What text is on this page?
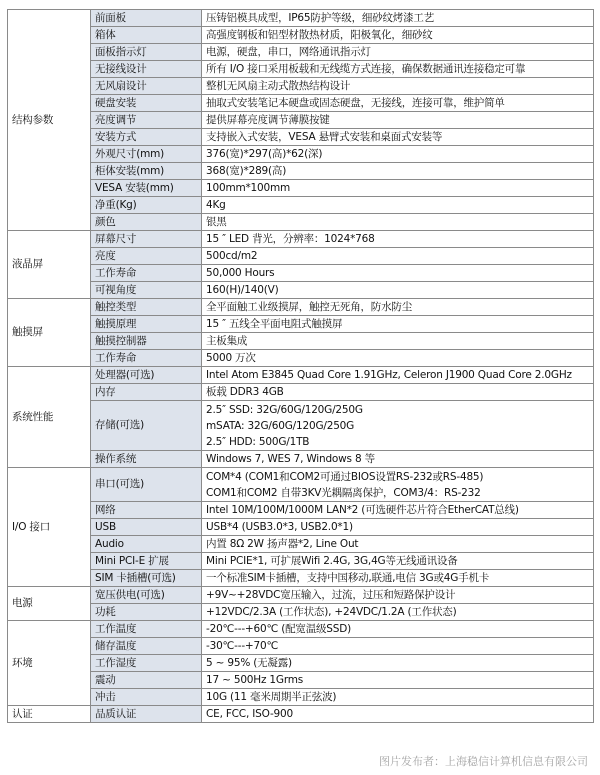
结构参数	前面板	压铸铝模具成型，IP65防护等级，细砂纹烤漆工艺

	箱体	高强度钢板和铝型材散热材质，阳极氧化，细砂纹

	面板指示灯	电源，硬盘，串口，网络通讯指示灯

	无接线设计	所有 I/O 接口采用板载和无线缆方式连接，确保数据通讯连接稳定可靠

	无风扇设计	整机无风扇主动式散热结构设计

	硬盘安装	抽取式安装笔记本硬盘或固态硬盘，无接线，连接可靠，维护简单

	亮度调节	提供屏幕亮度调节薄膜按键

	安装方式	支持嵌入式安装，VESA 悬臂式安装和桌面式安装等

	外观尺寸(mm)	376(宽)*297(高)*62(深)

	柜体安装(mm)	368(宽)*289(高)

	VESA 安装(mm)	100mm*100mm

	净重(Kg)	4Kg

	颜色	银黑

液晶屏	屏幕尺寸	15 ″ LED 背光，分辨率：1024*768

	亮度	500cd/m2

	工作寿命	50,000 Hours

	可视角度	160(H)/140(V)

触摸屏	触控类型	全平面触工业级摸屏，触控无死角，防水防尘

	触摸原理	15 ″ 五线全平面电阻式触摸屏

	触摸控制器	主板集成

	工作寿命	5000 万次

系统性能	处理器(可选)	Intel Atom E3845 Quad Core 1.91GHz, Celeron J1900 Quad Core 2.0GHz

	内存	板载 DDR3 4GB

	存储(可选)	2.5″ SSD: 32G/60G/120G/250G
mSATA: 32G/60G/120G/250G
2.5″ HDD: 500G/1TB

	操作系统	Windows 7, WES 7, Windows 8 等

I/O 接口	串口(可选)	COM*4 (COM1和COM2可通过BIOS设置RS-232或RS-485)
COM1和COM2 自带3KV光耦隔离保护，COM3/4：RS-232

	网络	Intel 10M/100M/1000M LAN*2 (可选硬件芯片符合EtherCAT总线)

	USB	USB*4 (USB3.0*3, USB2.0*1)

	Audio	内置 8Ω 2W 扬声器*2, Line Out

	Mini PCI-E 扩展	Mini PCIE*1, 可扩展Wifi 2.4G, 3G,4G等无线通讯设备

	SIM 卡插槽(可选)	一个标准SIM卡插槽，支持中国移动,联通,电信 3G或4G手机卡

电源	宽压供电(可选)	+9V~+28VDC宽压输入，过流，过压和短路保护设计

	功耗	+12VDC/2.3A (工作状态), +24VDC/1.2A (工作状态)

环境	工作温度	-20℃---+60℃ (配宽温级SSD)

	储存温度	-30℃---+70℃

	工作湿度	5 ~ 95% (无凝露)

	震动	17 ~ 500Hz 1Grms

	冲击	10G (11 毫米周期半正弦波)

认证	品质认证	CE, FCC, ISO-900
图片发布者：上海稳信计算机信息有限公司
